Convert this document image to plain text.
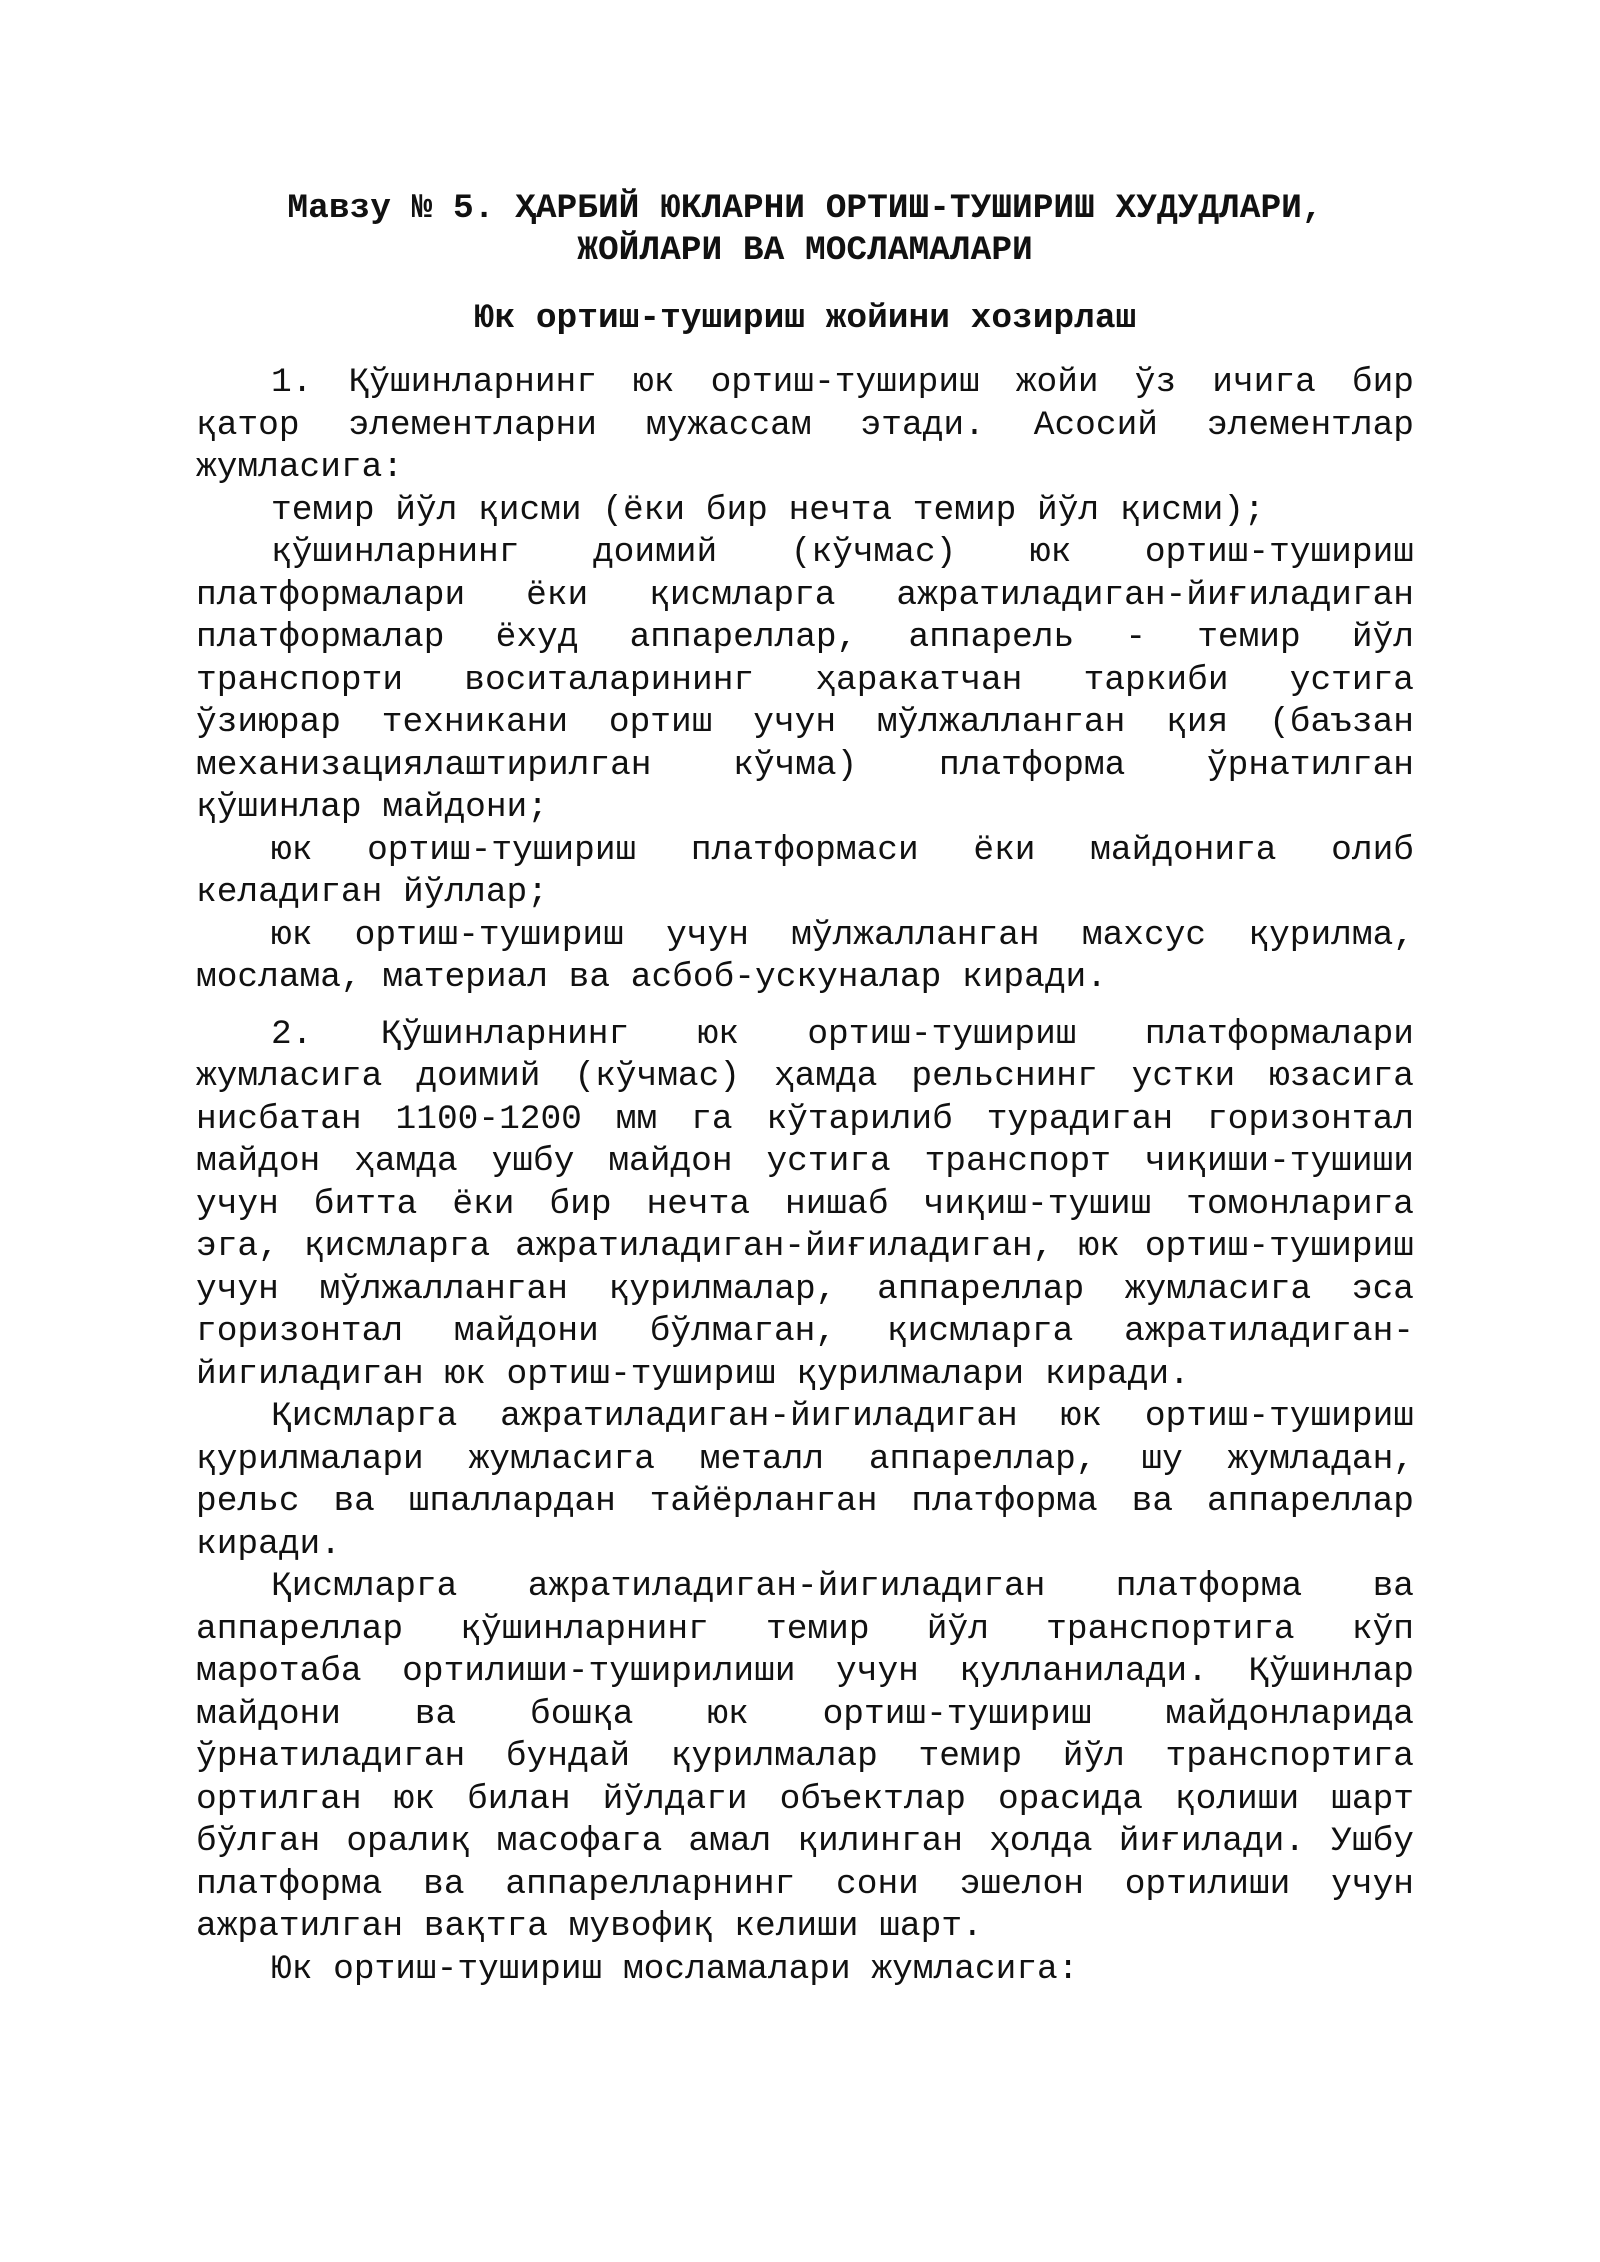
Мавзу № 5. ҲАРБИЙ ЮКЛАРНИ ОРТИШ-ТУШИРИШ ХУДУДЛАРИ,
ЖОЙЛАРИ ВА МОСЛАМАЛАРИ
Юк ортиш-тушириш жойини хозирлаш

1. Қўшинларнинг юк ортиш-тушириш жойи ўз ичига бир қатор элементларни мужассам этади. Асосий элементлар жумласига:

темир йўл қисми (ёки бир нечта темир йўл қисми);

қўшинларнинг доимий (кўчмас) юк ортиш-тушириш платформалари ёки қисмларга ажратиладиган-йиғиладиган платформалар ёхуд аппареллар, аппарель - темир йўл транспорти воситаларининг ҳаракатчан таркиби устига ўзиюрар техникани ортиш учун мўлжалланган қия (баъзан механизациялаштирилган кўчма) платформа ўрнатилган қўшинлар майдони;

юк ортиш-тушириш платформаси ёки майдонига олиб келадиган йўллар;

юк ортиш-тушириш учун мўлжалланган махсус қурилма, мослама, материал ва асбоб-ускуналар киради.

2. Қўшинларнинг юк ортиш-тушириш платформалари жумласига доимий (кўчмас) ҳамда рельснинг устки юзасига нисбатан 1100-1200 мм га кўтарилиб турадиган горизонтал майдон ҳамда ушбу майдон устига транспорт чиқиши-тушиши учун битта ёки бир нечта нишаб чиқиш-тушиш томонларига эга, қисмларга ажратиладиган-йиғиладиган, юк ортиш-тушириш учун мўлжалланган қурилмалар, аппареллар жумласига эса горизонтал майдони бўлмаган, қисмларга ажратиладиган-йигиладиган юк ортиш-тушириш қурилмалари киради.

Қисмларга ажратиладиган-йигиладиган юк ортиш-тушириш қурилмалари жумласига металл аппареллар, шу жумладан, рельс ва шпаллардан тайёрланган платформа ва аппареллар киради.

Қисмларга ажратиладиган-йигиладиган платформа ва аппареллар қўшинларнинг темир йўл транспортига кўп маротаба ортилиши-туширилиши учун қулланилади. Қўшинлар майдони ва бошқа юк ортиш-тушириш майдонларида ўрнатиладиган бундай қурилмалар темир йўл транспортига ортилган юк билан йўлдаги объектлар орасида қолиши шарт бўлган оралиқ масофага амал қилинган ҳолда йиғилади. Ушбу платформа ва аппарелларнинг сони эшелон ортилиши учун ажратилган вақтга мувофиқ келиши шарт.

Юк ортиш-тушириш мосламалари жумласига:
